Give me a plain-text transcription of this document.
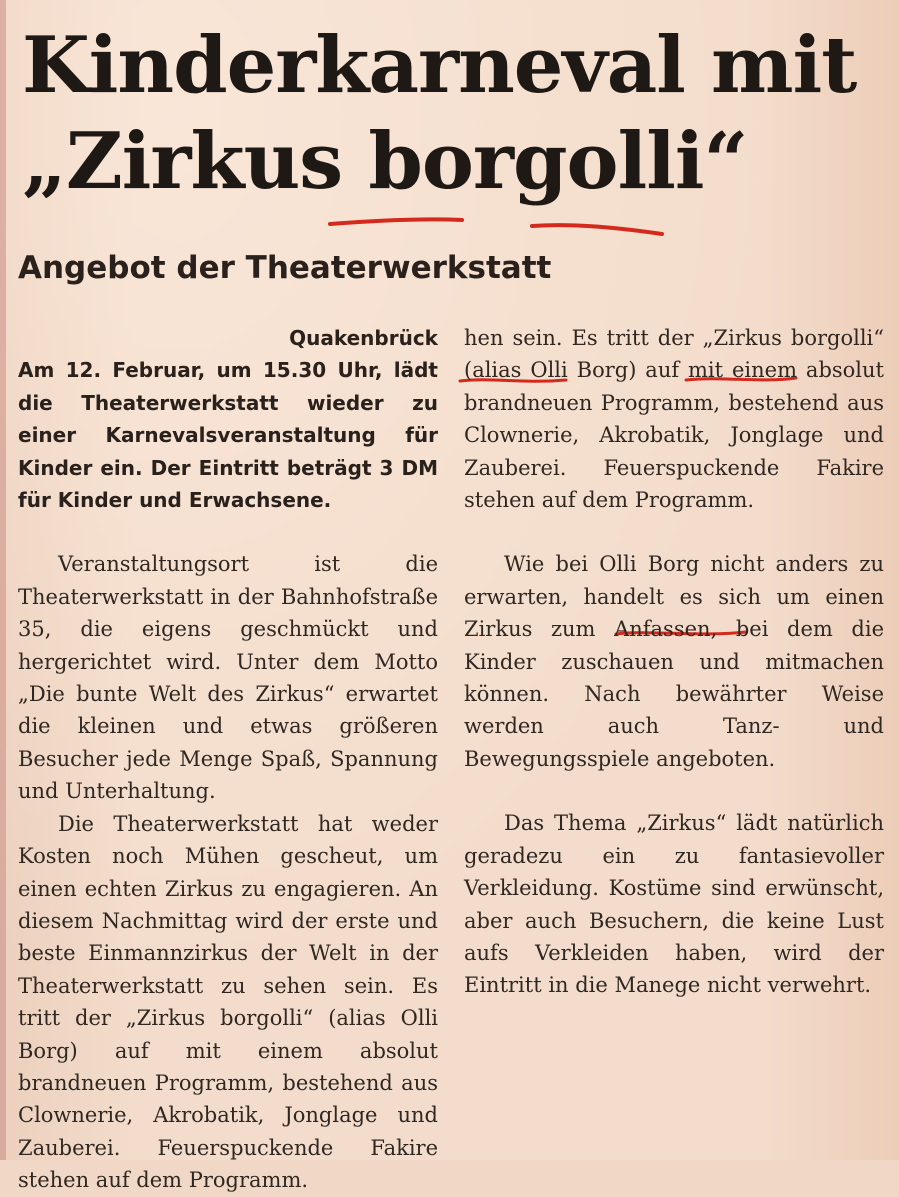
Kinderkarneval mit
„Zirkus borgolli“
Angebot der Theaterwerkstatt

Quakenbrück
Am 12. Februar, um 15.30 Uhr, lädt die Theaterwerkstatt wieder zu einer Karnevalsveranstaltung für Kinder ein. Der Eintritt beträgt 3 DM für Kinder und Erwachsene.

Veranstaltungsort ist die Theaterwerkstatt in der Bahnhofstraße 35, die eigens geschmückt und hergerichtet wird. Unter dem Motto „Die bunte Welt des Zirkus“ erwartet die kleinen und etwas größeren Besucher jede Menge Spaß, Spannung und Unterhaltung.

Die Theaterwerkstatt hat weder Kosten noch Mühen gescheut, um einen echten Zirkus zu engagieren. An diesem Nachmittag wird der erste und beste Einmannzirkus der Welt in der Theaterwerkstatt zu sehen sein. Es tritt der „Zirkus borgolli“ (alias Olli Borg) auf mit einem absolut brandneuen Programm, bestehend aus Clownerie, Akrobatik, Jonglage und Zauberei. Feuerspuckende Fakire stehen auf dem Programm.

hen sein. Es tritt der „Zirkus borgolli“ (alias Olli Borg) auf mit einem absolut brandneuen Programm, bestehend aus Clownerie, Akrobatik, Jonglage und Zauberei. Feuerspuckende Fakire stehen auf dem Programm.

Wie bei Olli Borg nicht anders zu erwarten, handelt es sich um einen Zirkus zum Anfassen, bei dem die Kinder zuschauen und mitmachen können. Nach bewährter Weise werden auch Tanz- und Bewegungsspiele angeboten.

Das Thema „Zirkus“ lädt natürlich geradezu ein zu fantasievoller Verkleidung. Kostüme sind erwünscht, aber auch Besuchern, die keine Lust aufs Verkleiden haben, wird der Eintritt in die Manege nicht verwehrt.
